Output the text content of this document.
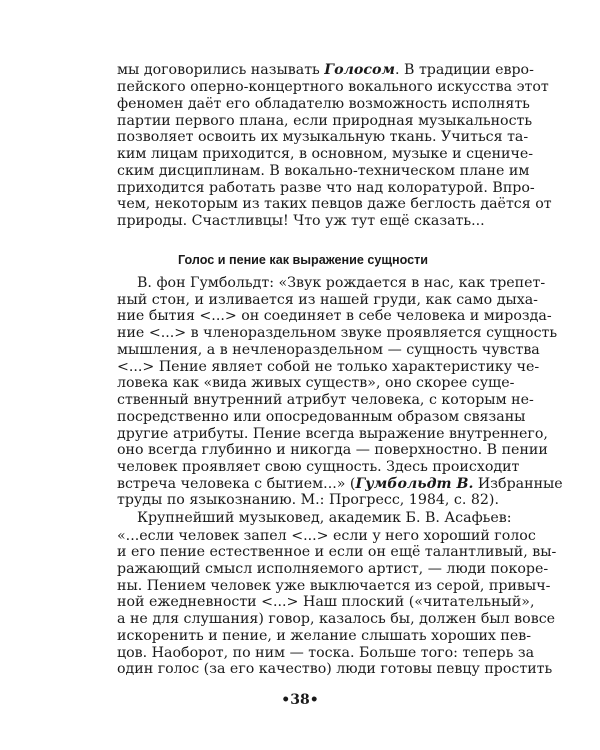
мы договорились называть Голосом. В традиции евро-
пейского оперно-концертного вокального искусства этот
феномен даёт его обладателю возможность исполнять
партии первого плана, если природная музыкальность
позволяет освоить их музыкальную ткань. Учиться та-
ким лицам приходится, в основном, музыке и сцениче-
ским дисциплинам. В вокально-техническом плане им
приходится работать разве что над колоратурой. Впро-
чем, некоторым из таких певцов даже беглость даётся от
природы. Счастливцы! Что уж тут ещё сказать...
Голос и пение как выражение сущности
В. фон Гумбольдт: «Звук рождается в нас, как трепет-
ный стон, и изливается из нашей груди, как само дыха-
ние бытия <...> он соединяет в себе человека и мирозда-
ние <...> в членораздельном звуке проявляется сущность
мышления, а в нечленораздельном — сущность чувства
<...> Пение являет собой не только характеристику че-
ловека как «вида живых существ», оно скорее суще-
ственный внутренний атрибут человека, с которым не-
посредственно или опосредованным образом связаны
другие атрибуты. Пение всегда выражение внутреннего,
оно всегда глубинно и никогда — поверхностно. В пении
человек проявляет свою сущность. Здесь происходит
встреча человека с бытием...» (Гумбольдт В. Избранные
труды по языкознанию. М.: Прогресс, 1984, с. 82).
Крупнейший музыковед, академик Б. В. Асафьев:
«...если человек запел <...> если у него хороший голос
и его пение естественное и если он ещё талантливый, вы-
ражающий смысл исполняемого артист, — люди покоре-
ны. Пением человек уже выключается из серой, привыч-
ной ежедневности <...> Наш плоский («читательный»,
а не для слушания) говор, казалось бы, должен был вовсе
искоренить и пение, и желание слышать хороших пев-
цов. Наоборот, по ним — тоска. Больше того: теперь за
один голос (за его качество) люди готовы певцу простить
•38•
